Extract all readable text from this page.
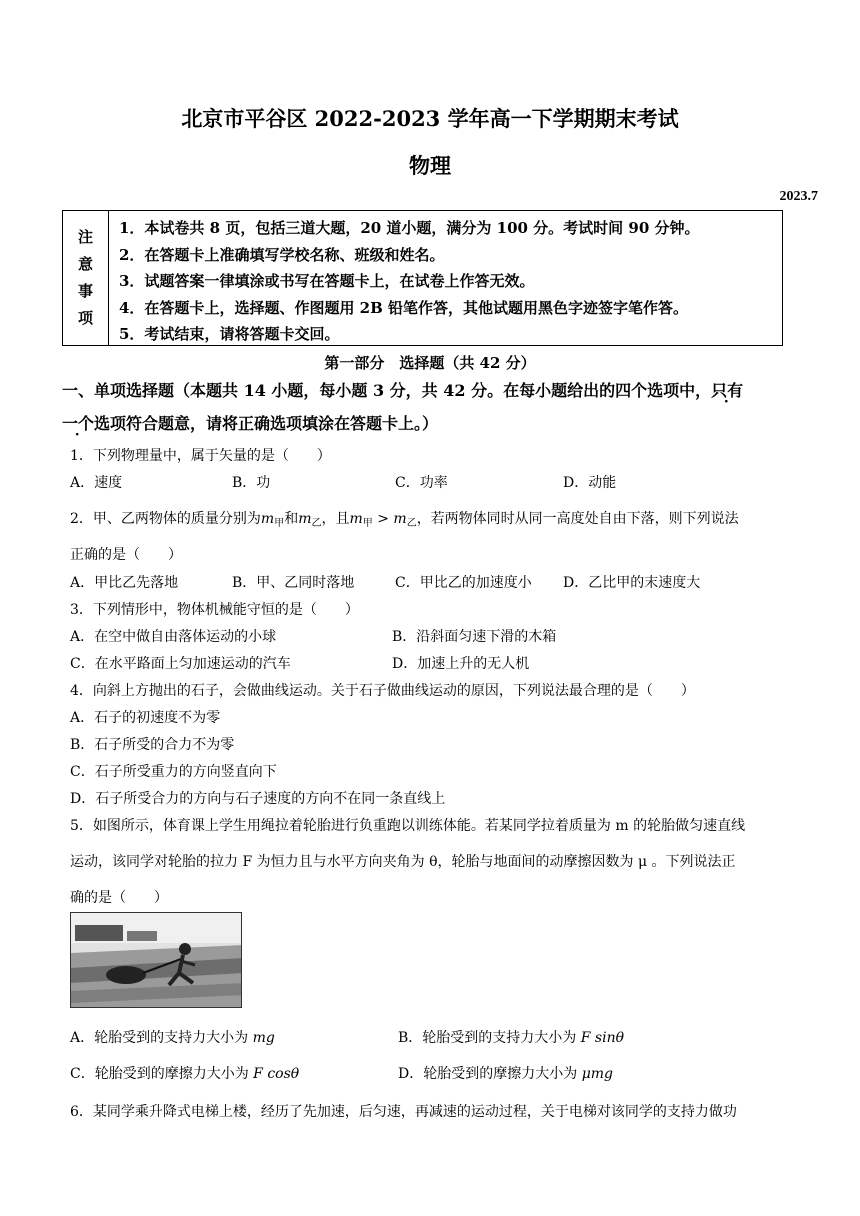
北京市平谷区 2022-2023 学年高一下学期期末考试
物理
2023.7
注
意
事
项
1．本试卷共 8 页，包括三道大题，20 道小题，满分为 100 分。考试时间 90 分钟。
2．在答题卡上准确填写学校名称、班级和姓名。
3．试题答案一律填涂或书写在答题卡上，在试卷上作答无效。
4．在答题卡上，选择题、作图题用 2B 铅笔作答，其他试题用黑色字迹签字笔作答。
5．考试结束，请将答题卡交回。
第一部分　选择题（共 42 分）
一、单项选择题（本题共 14 小题，每小题 3 分，共 42 分。在每小题给出的四个选项中，只有
一个选项符合题意，请将正确选项填涂在答题卡上。）
1．下列物理量中，属于矢量的是（　　）
A．速度	B．功	C．功率	D．动能
2．甲、乙两物体的质量分别为$m_甲$和$m_乙$，且$m_甲 > m_乙$，若两物体同时从同一高度处自由下落，则下列说法
正确的是（　　）
A．甲比乙先落地	B．甲、乙同时落地	C．甲比乙的加速度小 D．乙比甲的末速度大
3．下列情形中，物体机械能守恒的是（　　）
A．在空中做自由落体运动的小球	B．沿斜面匀速下滑的木箱
C．在水平路面上匀加速运动的汽车	D．加速上升的无人机
4．向斜上方抛出的石子，会做曲线运动。关于石子做曲线运动的原因，下列说法最合理的是（　　）
A．石子的初速度不为零
B．石子所受的合力不为零
C．石子所受重力的方向竖直向下
D．石子所受合力的方向与石子速度的方向不在同一条直线上
5．如图所示，体育课上学生用绳拉着轮胎进行负重跑以训练体能。若某同学拉着质量为 m 的轮胎做匀速直线
运动，该同学对轮胎的拉力 F 为恒力且与水平方向夹角为 θ，轮胎与地面间的动摩擦因数为 μ 。下列说法正
确的是（　　）
A．轮胎受到的支持力大小为 mg	B．轮胎受到的支持力大小为 F sinθ
C．轮胎受到的摩擦力大小为 F cosθ	D．轮胎受到的摩擦力大小为 μmg
6．某同学乘升降式电梯上楼，经历了先加速，后匀速，再减速的运动过程，关于电梯对该同学的支持力做功
